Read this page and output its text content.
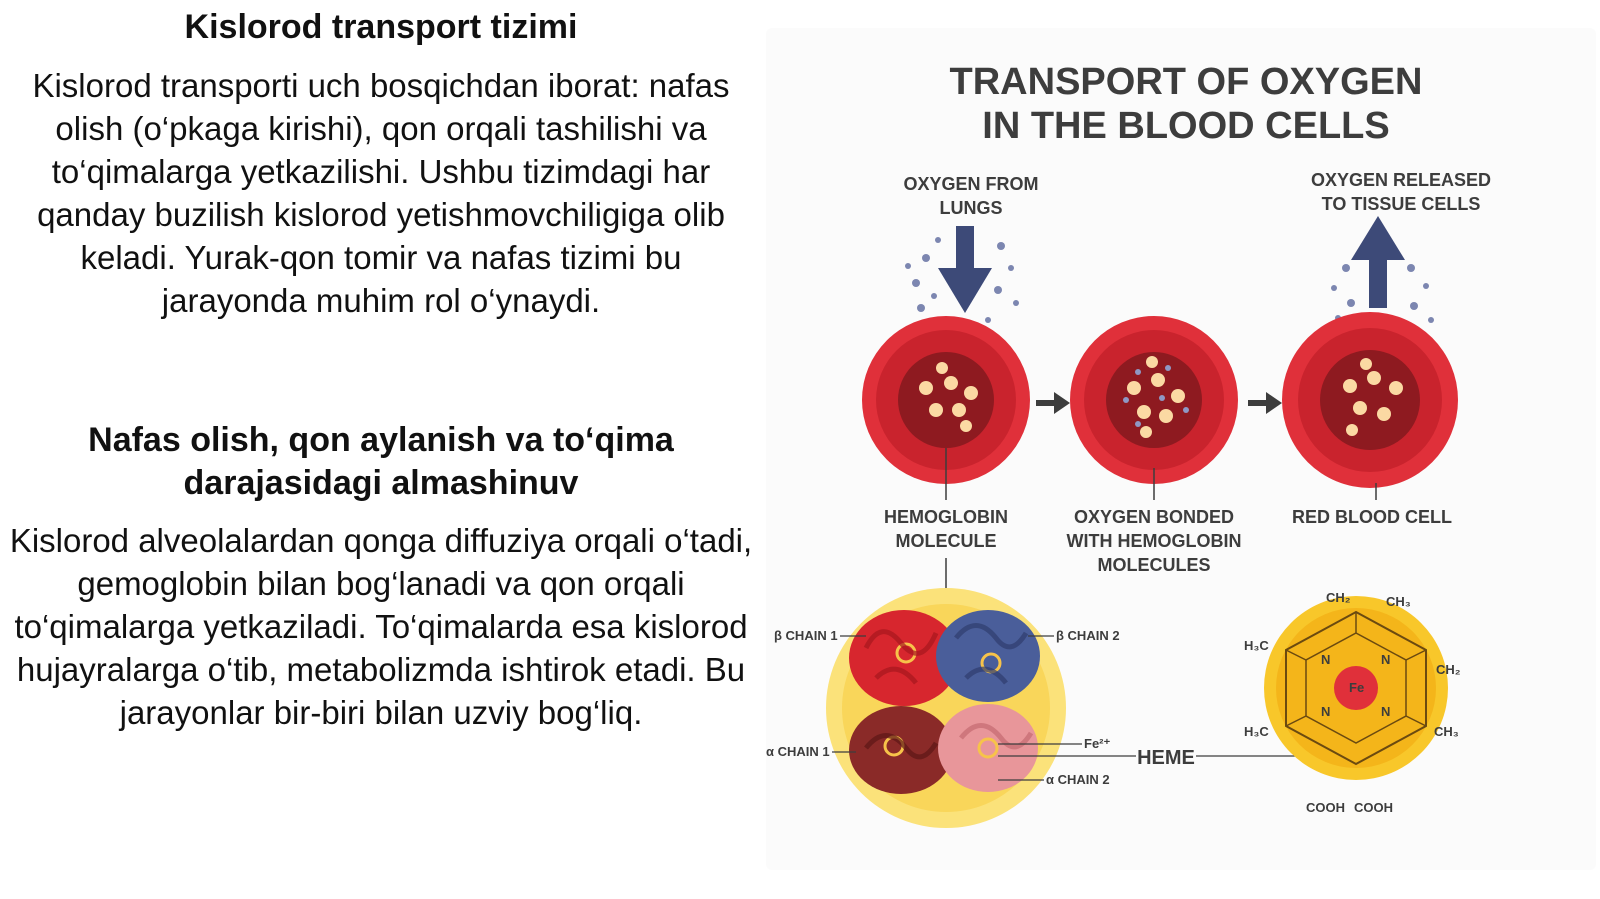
Kislorod transport tizimi

Kislorod transporti uch bosqichdan iborat: nafas olish (o‘pkaga kirishi), qon orqali tashilishi va to‘qimalarga yetkazilishi. Ushbu tizimdagi har qanday buzilish kislorod yetishmovchiligiga olib keladi. Yurak-qon tomir va nafas tizimi bu jarayonda muhim rol o‘ynaydi.

Nafas olish, qon aylanish va to‘qima darajasidagi almashinuv

Kislorod alveolalardan qonga diffuziya orqali o‘tadi, gemoglobin bilan bog‘lanadi va qon orqali to‘qimalarga yetkaziladi. To‘qimalarda esa kislorod hujayralarga o‘tib, metabolizmda ishtirok etadi. Bu jarayonlar bir-biri bilan uzviy bog‘liq.

TRANSPORT OF OXYGEN
IN THE BLOOD CELLS
OXYGEN FROM
LUNGS
OXYGEN RELEASED
TO TISSUE CELLS
HEMOGLOBIN
MOLECULE
OXYGEN BONDED
WITH HEMOGLOBIN
MOLECULES
RED BLOOD CELL
β CHAIN 1	β CHAIN 2
α CHAIN 1
Fe²⁺
α CHAIN 2
HEME
Fe
N	N
N	N
CH₂	CH₃
H₃C
CH₂
H₃C	CH₃
COOH COOH
